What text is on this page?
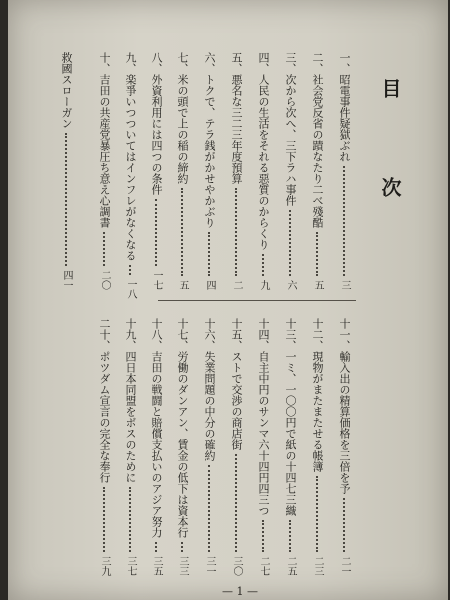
目 次
一、昭電事件疑獄ぶれ三
二、社会党反省の蹟なたり二べ殘酷五
三、次から次へ、三下ラハ事件六
四、人民の生活をそれる惡質のからくり九
五、悪名な三二三年度預算二
六、トクで、テラ銭がかせやかぶり四
七、米の頭で上の稲の締約五
八、外資利用には四つの条件一七
九、楽爭いつついてはインフレがなくなる一八
十、吉田の共産党暴圧ち意え心調書二〇
救國スローガン四一
十一、輸入出の精算価格を三倍を予二一
十二、現物がまたまたせる帳簿二三
十三、一ミ、一〇〇円で紙の十四七三織二五
十四、自主中円のサンマ六十四円四三つ二七
十五、ストで交渉の商店街三〇
十六、失業問題の中分の確約三一
十七、労働のダンアン、賃金の低下は資本行三三
十八、吉田の戦闘と賠償支払いのアジア努力三五
十九、四日本同盟をボスのために三七
二十、ポツダム宣言の完全な奉行三九
— 1 —
